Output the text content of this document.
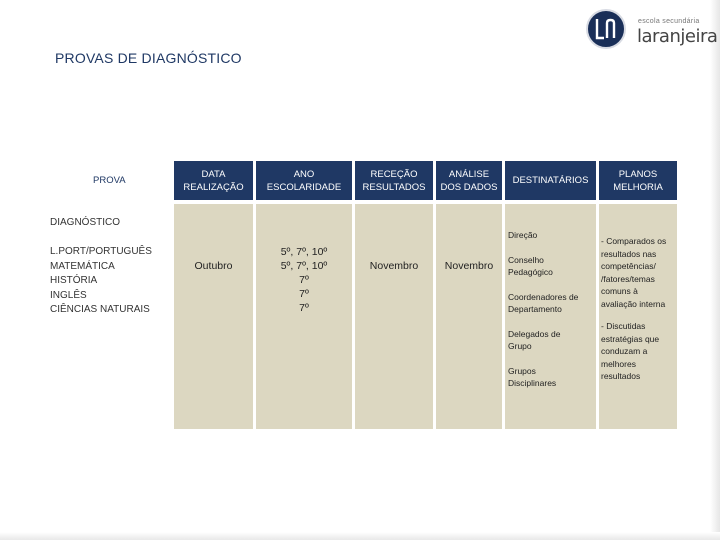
PROVAS DE DIAGNÓSTICO
escola secundária
laranjeira
PROVA
DATA
REALIZAÇÃO
ANO
ESCOLARIDADE
RECEÇÃO
RESULTADOS
ANÁLISE
DOS DADOS
DESTINATÁRIOS
PLANOS
MELHORIA
DIAGNÓSTICO
L.PORT/PORTUGUÊS
MATEMÁTICA
HISTÓRIA
INGLÊS
CIÊNCIAS NATURAIS
Outubro
5º, 7º, 10º
5º, 7º, 10º
7º
7º
7º
Novembro	Novembro
Direção
Conselho
Pedagógico
Coordenadores de
Departamento
Delegados de
Grupo
Grupos
Disciplinares
- Comparados os
resultados nas
competências/
/fatores/temas
comuns à
avaliação interna
- Discutidas
estratégias que
conduzam a
melhores
resultados
